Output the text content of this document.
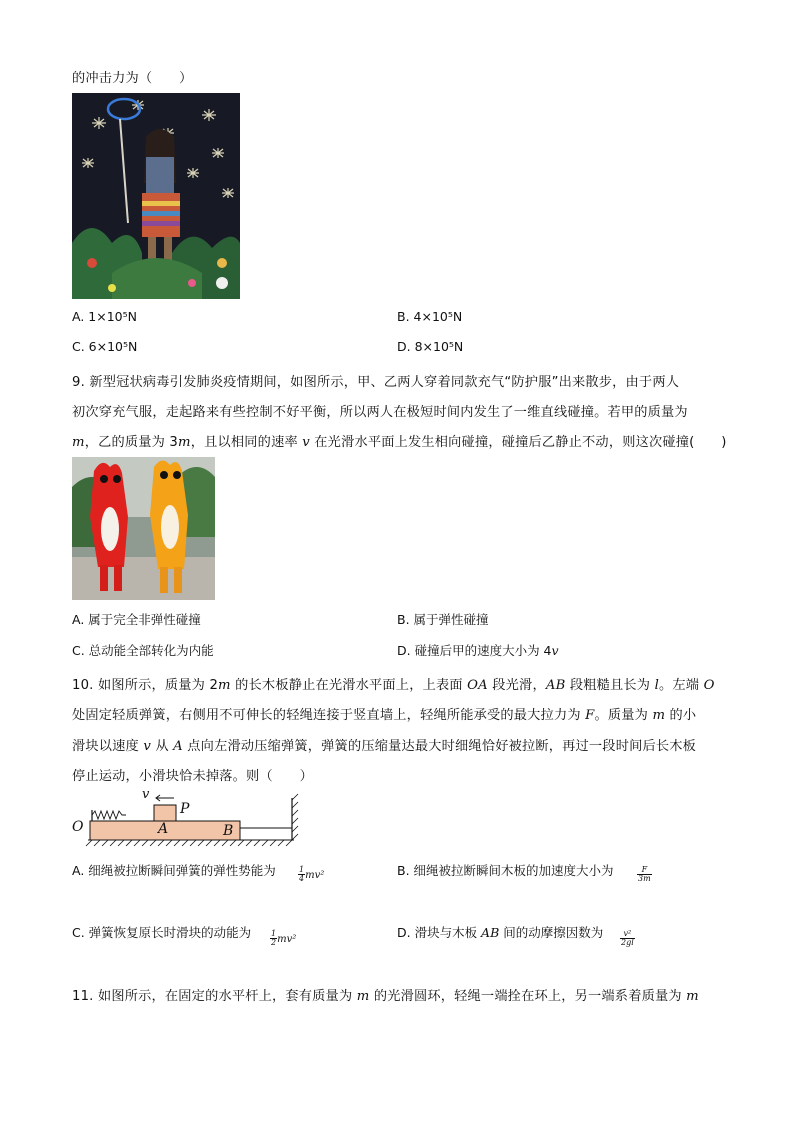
的冲击力为（　　）
A. 1×10⁵N	B. 4×10⁵N
C. 6×10⁵N	D. 8×10⁵N
9. 新型冠状病毒引发肺炎疫情期间，如图所示，甲、乙两人穿着同款充气“防护服”出来散步，由于两人
初次穿充气服，走起路来有些控制不好平衡，所以两人在极短时间内发生了一维直线碰撞。若甲的质量为
m，乙的质量为 3m，且以相同的速率 v 在光滑水平面上发生相向碰撞，碰撞后乙静止不动，则这次碰撞(　　)
A. 属于完全非弹性碰撞	B. 属于弹性碰撞
C. 总动能全部转化为内能	D. 碰撞后甲的速度大小为 4v
10. 如图所示，质量为 2m 的长木板静止在光滑水平面上，上表面 OA 段光滑，AB 段粗糙且长为 l。左端 O
处固定轻质弹簧，右侧用不可伸长的轻绳连接于竖直墙上，轻绳所能承受的最大拉力为 F。质量为 m 的小
滑块以速度 v 从 A 点向左滑动压缩弹簧，弹簧的压缩量达最大时细绳恰好被拉断，再过一段时间后长木板
停止运动，小滑块恰未掉落。则（　　）
v
P
O	A	B
A. 细绳被拉断瞬间弹簧的弹性势能为	$\frac{1}{4} mv^2$	B. 细绳被拉断瞬间木板的加速度大小为	$\frac{F}{3m}$
C. 弹簧恢复原长时滑块的动能为 $\frac{1}{2} mv^2$	D. 滑块与木板 AB 间的动摩擦因数为 $\frac{\text{v²}}{2gl}$
11. 如图所示，在固定的水平杆上，套有质量为 m 的光滑圆环，轻绳一端拴在环上，另一端系着质量为 m
